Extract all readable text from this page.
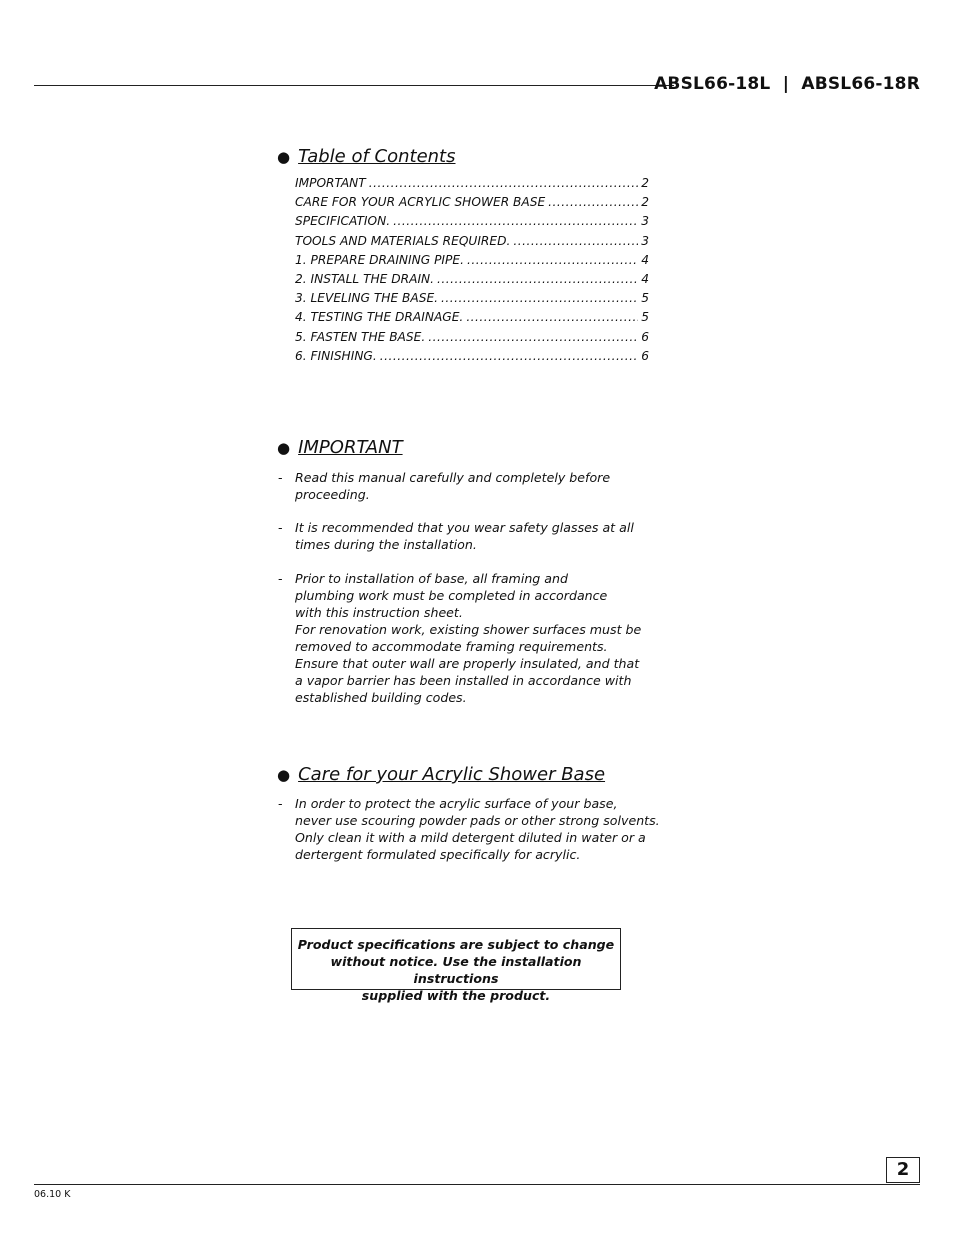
ABSL66-18L  |  ABSL66-18R
● Table of Contents
IMPORTANT .....	2
CARE FOR YOUR ACRYLIC SHOWER BASE .....	2
SPECIFICATION. .....	3
TOOLS AND MATERIALS REQUIRED. .....	3
1. PREPARE DRAINING PIPE. .....	4
2. INSTALL THE DRAIN. .....	4
3. LEVELING THE BASE. .....	5
4. TESTING THE DRAINAGE. .....	5
5. FASTEN THE BASE. .....	6
6. FINISHING. .....	6
● IMPORTANT
- Read this manual carefully and completely before
proceeding.
- It is recommended that you wear safety glasses at all
times during the installation.
- Prior to installation of base, all framing and
plumbing work must be completed in accordance
with this instruction sheet.
For renovation work, existing shower surfaces must be
removed to accommodate framing requirements.
Ensure that outer wall are properly insulated, and that
a vapor barrier has been installed in accordance with
established building codes.
● Care for your Acrylic Shower Base
- In order to protect the acrylic surface of your base,
never use scouring powder pads or other strong solvents.
Only clean it with a mild detergent diluted in water or a
dertergent formulated specifically for acrylic.
Product specifications are subject to change
without notice. Use the installation instructions
supplied with the product.
2
06.10 K
